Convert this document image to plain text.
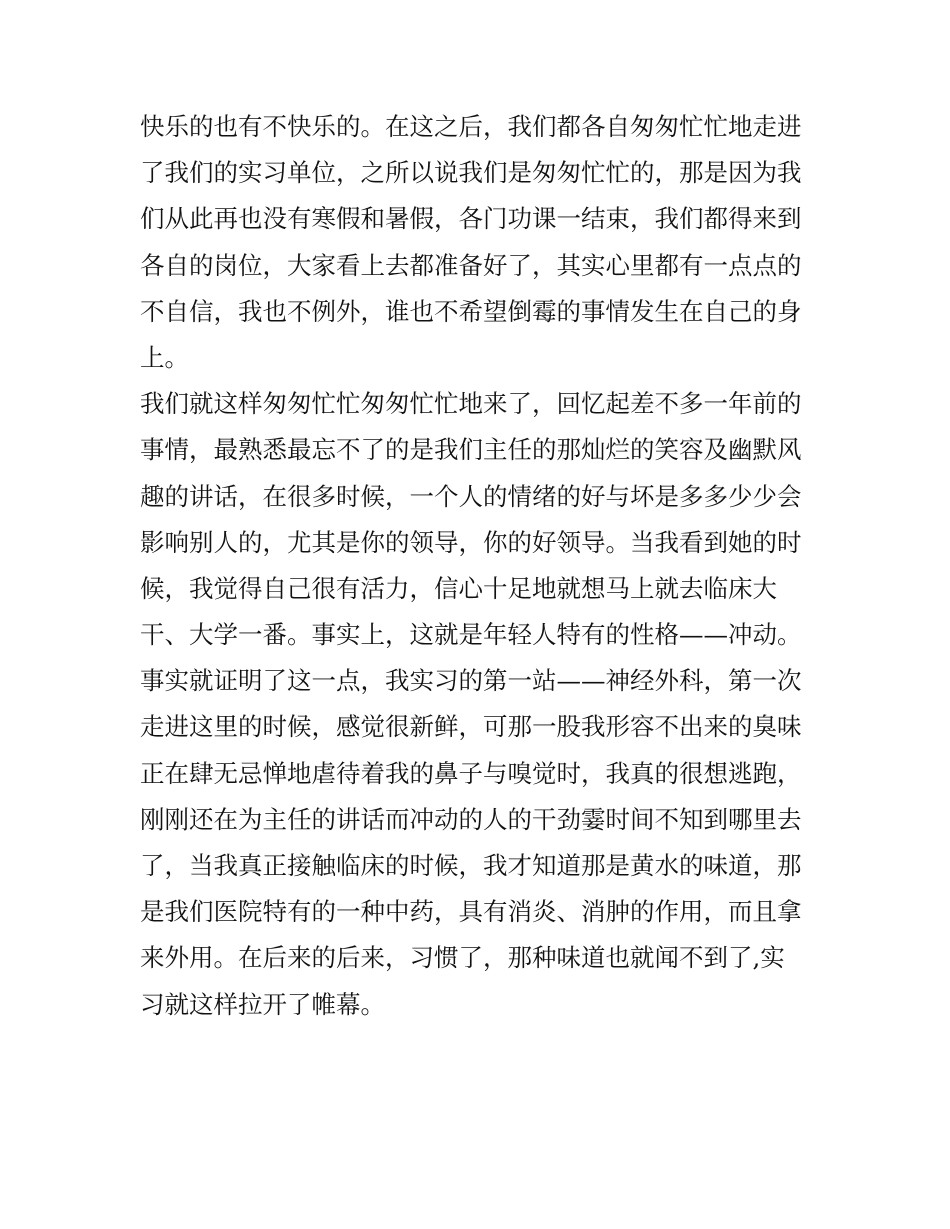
快乐的也有不快乐的。在这之后，我们都各自匆匆忙忙地走进
了我们的实习单位，之所以说我们是匆匆忙忙的，那是因为我
们从此再也没有寒假和暑假，各门功课一结束，我们都得来到
各自的岗位，大家看上去都准备好了，其实心里都有一点点的
不自信，我也不例外，谁也不希望倒霉的事情发生在自己的身
上。
我们就这样匆匆忙忙匆匆忙忙地来了，回忆起差不多一年前的
事情，最熟悉最忘不了的是我们主任的那灿烂的笑容及幽默风
趣的讲话，在很多时候，一个人的情绪的好与坏是多多少少会
影响别人的，尤其是你的领导，你的好领导。当我看到她的时
候，我觉得自己很有活力，信心十足地就想马上就去临床大
干、大学一番。事实上，这就是年轻人特有的性格——冲动。
事实就证明了这一点，我实习的第一站——神经外科，第一次
走进这里的时候，感觉很新鲜，可那一股我形容不出来的臭味
正在肆无忌惮地虐待着我的鼻子与嗅觉时，我真的很想逃跑，
刚刚还在为主任的讲话而冲动的人的干劲霎时间不知到哪里去
了，当我真正接触临床的时候，我才知道那是黄水的味道，那
是我们医院特有的一种中药，具有消炎、消肿的作用，而且拿
来外用。在后来的后来，习惯了，那种味道也就闻不到了,实
习就这样拉开了帷幕。
